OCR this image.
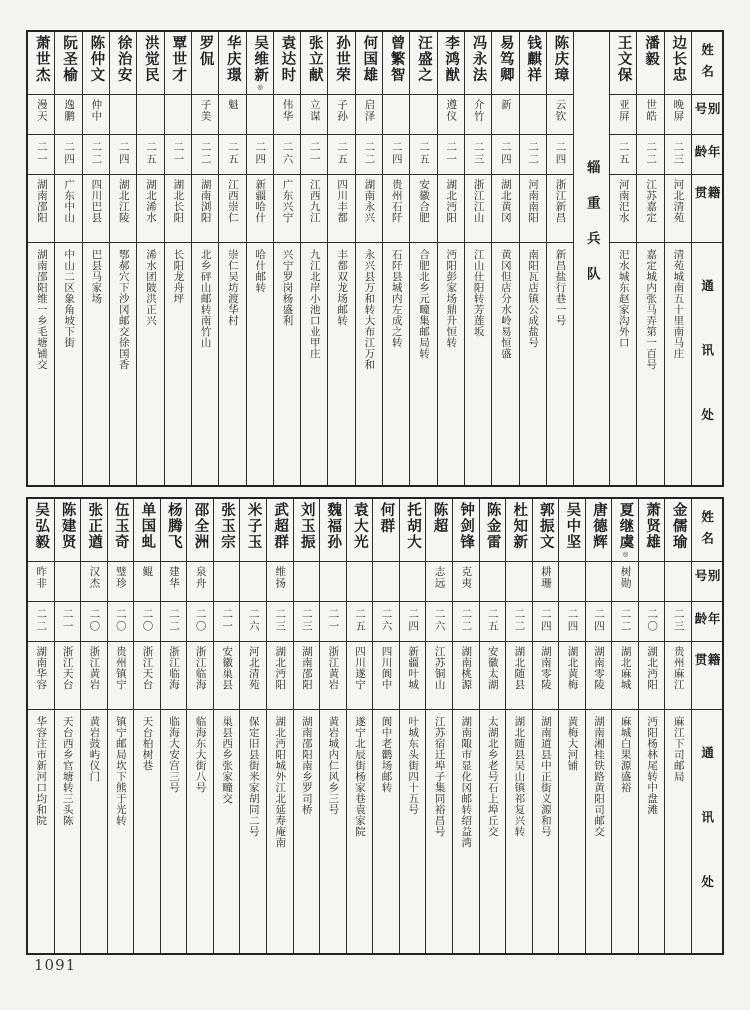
姓名
别号
年龄
籍贯
通讯处
边长忠
晚屏
二三
河北清苑
清苑城南五十里南马庄
潘毅
世皓
二二
江苏嘉定
嘉定城内张马弄第一百号
王文保
亚屏
二五
河南汜水
汜水城东赵家沟外口
辎重兵队
陈庆璋
云钦
二四
浙江新昌
新昌盐行巷一号
钱麒祥
二二
河南南阳
南阳瓦店镇公成盐号
易笃卿
新
二四
湖北黄冈
黄冈但店分水岭易恒盛
冯永法
介竹
二三
浙江江山
江山仕阳转芳莲坂
李鸿猷
遵仪
二一
湖北沔阳
沔阳彭家场鼎升恒转
汪盛之
二五
安徽合肥
合肥北乡元疃集邮局转
曾繁智
二四
贵州石阡
石阡县城内左成之转
何国雄
启泽
二二
湖南永兴
永兴县万和转大布江万和
孙世荣
子孙
二五
四川丰都
丰都双龙场邮转
张立献
立谋
二一
江西九江
九江北岸小池口业甲庄
袁达时
伟华
二六
广东兴宁
兴宁罗岗杨盛利
吴维新◎
二四
新疆哈什
哈什邮转
华庆璟
魁
二五
江西崇仁
崇仁吴坊渡华村
罗侃
子美
二二
湖南浏阳
北乡砰山邮转南竹山
覃世才
二一
湖北长阳
长阳龙舟坪
洪觉民
二五
湖北浠水
浠水团陂洪正兴
徐治安
二四
湖北江陵
鄂郝穴下沙冈邮交徐国香
陈仲文
仲中
二二
四川巴县
巴县马家场
阮圣榆
逸鹏
二四
广东中山
中山二区象角坡下街
萧世杰
漫天
二一
湖南邵阳
湖南邵阳维一乡毛塘铺交
姓名
别号
年龄
籍贯
通讯处
金儒瑜
二三
贵州麻江
麻江下司邮局
萧贤雄
二〇
湖北沔阳
沔阳杨林尾转中盘滩
夏继虞◎
树勋
二二
湖北麻城
麻城白果源盛裕
唐德辉
二四
湖南零陵
湖南湘桂铁路黄阳司邮交
吴中坚
二四
湖北黄梅
黄梅大河铺
郭振文
耕珊
二四
湖南零陵
湖南道县中正街义源和号
杜知新
二二
湖北随县
湖北随县吴山镇祁复兴转
陈金雷
二五
安徽太湖
太湖北乡老号石上埠丘交
钟剑锋
克夷
二二
湖南桃源
湖南陬市显化冈邮转绍益湾
陈超
志远
二六
江苏铜山
江苏宿迁埠子集同裕昌号
托胡大
二四
新疆叶城
叶城东头街四十五号
何群
二六
四川阆中
阆中老鹳场邮转
袁大光
二五
四川遂宁
遂宁北辰街杨家巷袁家院
魏福孙
二一
浙江黄岩
黄岩城内仁风乡三号
刘玉振
二三
湖南邵阳
湖南邵阳南乡罗司桥
武超群
维扬
二三
湖北沔阳
湖北沔阳城外江北延寿庵南
米子玉
二六
河北清苑
保定旧县街米家胡同二号
张玉宗
二一
安徽巢县
巢县西乡张家疃交
邵全洲
泉舟
二〇
浙江临海
临海东大街八号
杨腾飞
建华
二二
浙江临海
临海大安宫三号
单国虬
鲲
二〇
浙江天台
天台柏树巷
伍玉奇
璧珍
二〇
贵州镇宁
镇宁邮局坎下熊于光转
张正遒
汉杰
二〇
浙江黄岩
黄岩鼓屿仪门
陈建贤
二一
浙江天台
天台西乡官塘转三头陈
吴弘毅
昨非
二二
湖南华容
华容注市新河口均和院
1091
